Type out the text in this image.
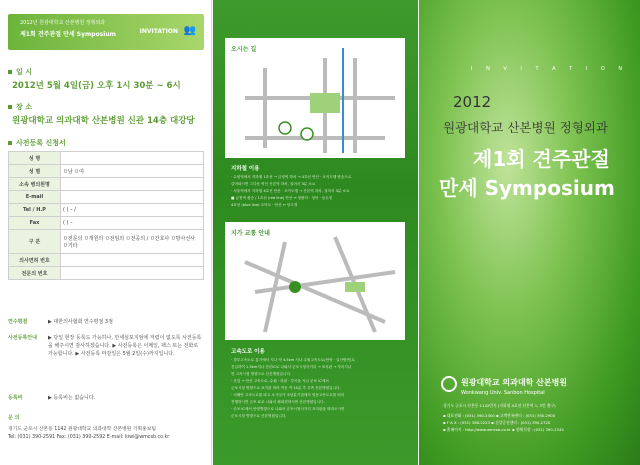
2012년 원광대학교 산본병원 정형외과
제1회 견주관절 만세 Symposium	INVITATION 👥
일 시
2012년 5월 4일(금) 오후 1시 30분 ~ 6시
장 소
원광대학교 의과대학 산본병원 신관 14층 대강당
사전등록 신청서
성 명	
성 별	ㅁ남 ㅁ여
소속 병의원명	
E-mail	
Tel / H.P	( ) – /
Fax	( ) –
구 분	ㅁ전문의 ㅁ개원의 ㅁ전임의 ㅁ전공의 / ㅁ간호사 ㅁ방사선사 ㅁ기타
의사면허 번호	
전문의 번호	
연수평점	▶ 대한의사협회 연수평점 3점
사전등록안내	▶ 당일 현장 등록도 가능하나, 만세심포지엄에 저렴이 없도록 사전등록을 해주시면 감사하겠습니다. ▶ 사전등록은 이메일, 팩스 또는 전화로 가능합니다. ▶ 사전등록 마감일은 5월 2일(수)까지입니다.
등록비	▶ 등록비는 없습니다.
문 의
경기도 군포시 산본동 1142 원광대학교 의과대학 산본병원 기획홍보팀
Tel: (031) 390-2591 Fax: (031) 390-2592 E-mail: kiwi@wmcsb.co.kr
오시는 길
지하철 이용
· 수원역에서 지하철 1호선 → 금정역 하차 → 4호선 안산 · 오이도행 탑승으로
갈아타시면 그다음 역인 산본역 하차, 걸어서 3분 소요
· 서울역에서 지하철 4호선 안산 · 오이도행 → 산본역 하차, 걸어서 3분 소요
■ 금정역 환승 / 1호선 (red line) 안산 ↔ 청량리 · 성북 · 동두천
4호선 (blue line) 오이도 · 안산 ↔ 당고개
지가 교통 안내
고속도로 이용
· 경부고속도로 통가에서 지나 약 4.5km 지나 수원고속도로(안양 · 일산방면)로
진입하여 1.5km지나 산본IC로 나와서 군포시청사거리 → 표지판 → 자리지나
면 고속시청 방향으로 산본병원입니다.
· 산업 → 안산 고속도로, 수원 · 의왕 · 부곡을 지나 군포 IC에서
군포시청 방향으로 표지판 따라 이동 약 10분 후 우측 산본병원입니다.
· 서해안 고속도로를 타고 오시다가 조남분기점에서 영동고속도로를 따라
진행하시면 군포 IC로 나와서 좌회전하시면 산본병원입니다.
· 군포 IC에서 안양방향으로 나와서 군포시청사거리 표지판을 따라오시면
군포시청 방향으로 산본병원입니다.
I N V I T A T I O N
2012
원광대학교 산본병원 정형외과
제1회 견주관절
만세 Symposium
원광대학교 의과대학 산본병원
Wonkwang Univ. Sanbon Hospital
경기도 군포시 산본동 1142번지 (지하철 4호선 산본역 1, 3번 출구)
▪ 대표전화 : (031) 390-2300 ▪ 고객만족센터 : (031) 390-2900
▪ F A X : (031) 398-2223 ▪ 건강증진센터 : (031) 390-2720
▪ 홈페이지 : http://www.wmcsb.co.kr ▪ 장례식장 : (031) 390-2345
